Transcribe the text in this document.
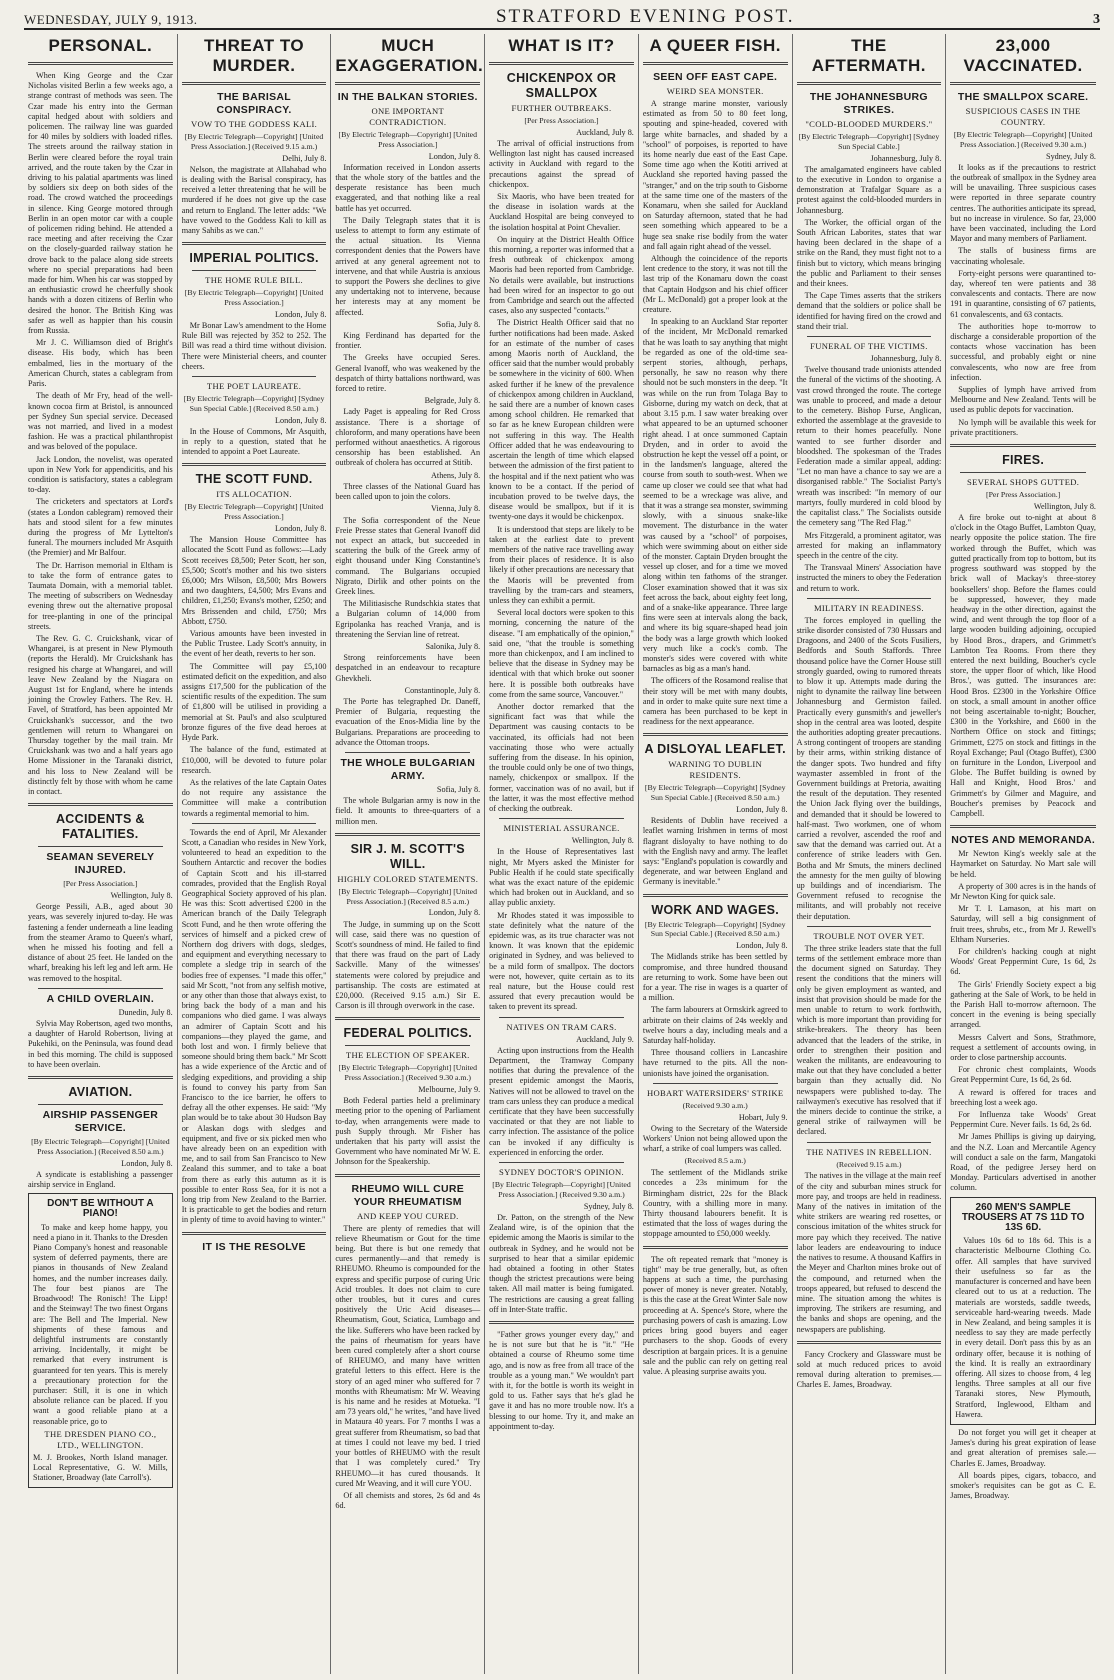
WEDNESDAY, JULY 9, 1913.	STRATFORD EVENING POST.	3
PERSONAL.

When King George and the Czar Nicholas visited Berlin a few weeks ago, a strange contrast of methods was seen. The Czar made his entry into the German capital hedged about with soldiers and policemen. The railway line was guarded for 40 miles by soldiers with loaded rifles. The streets around the railway station in Berlin were cleared before the royal train arrived, and the route taken by the Czar in driving to his palatial apartments was lined by soldiers six deep on both sides of the road. The crowd watched the proceedings in silence. King George motored through Berlin in an open motor car with a couple of policemen riding behind. He attended a race meeting and after receiving the Czar on the closely-guarded railway station he drove back to the palace along side streets where no special preparations had been made for him. When his car was stopped by an enthusiastic crowd he cheerfully shook hands with a dozen citizens of Berlin who desired the honor. The British King was safer as well as happier than his cousin from Russia.

Mr J. C. Williamson died of Bright's disease. His body, which has been embalmed, lies in the mortuary of the American Church, states a cablegram from Paris.

The death of Mr Fry, head of the well-known cocoa firm at Bristol, is announced per Sydney Sun special service. Deceased was not married, and lived in a modest fashion. He was a practical philanthropist and was beloved of the populace.

Jack London, the novelist, was operated upon in New York for appendicitis, and his condition is satisfactory, states a cablegram to-day.

The cricketers and spectators at Lord's (states a London cablegram) removed their hats and stood silent for a few minutes during the progress of Mr Lyttelton's funeral. The mourners included Mr Asquith (the Premier) and Mr Balfour.

The Dr. Harrison memorial in Eltham is to take the form of entrance gates to Taumata Domain, with a memorial tablet. The meeting of subscribers on Wednesday evening threw out the alternative proposal for tree-planting in one of the principal streets.

The Rev. G. C. Cruickshank, vicar of Whangarei, is at present in New Plymouth (reports the Herald). Mr Cruickshank has resigned his charge at Whangarei, and will leave New Zealand by the Niagara on August 1st for England, where he intends joining the Crowley Fathers. The Rev. H. Favel, of Stratford, has been appointed Mr Cruickshank's successor, and the two gentlemen will return to Whangarei on Thursday together by the mail train. Mr Cruickshank was two and a half years ago Home Missioner in the Taranaki district, and his loss to New Zealand will be distinctly felt by those with whom he came in contact.

ACCIDENTS & FATALITIES.
SEAMAN SEVERELY INJURED.
[Per Press Association.]
Wellington, July 8.

George Pessili, A.B., aged about 30 years, was severely injured to-day. He was fastening a fender underneath a line leading from the steamer Aramo to Queen's wharf, when he missed his footing and fell a distance of about 25 feet. He landed on the wharf, breaking his left leg and left arm. He was removed to the hospital.

A CHILD OVERLAIN.
Dunedin, July 8.

Sylvia May Robertson, aged two months, a daughter of Harold Robertson, living at Pukehiki, on the Peninsula, was found dead in bed this morning. The child is supposed to have been overlain.

AVIATION.
AIRSHIP PASSENGER SERVICE.
[By Electric Telegraph—Copyright] [United Press Association.] (Received 8.50 a.m.)
London, July 8.

A syndicate is establishing a passenger airship service in England.

DON'T BE WITHOUT A PIANO!

To make and keep home happy, you need a piano in it. Thanks to the Dresden Piano Company's honest and reasonable system of deferred payments, there are pianos in thousands of New Zealand homes, and the number increases daily. The four best pianos are The Broadwood! The Ronisch! The Lipp! and the Steinway! The two finest Organs are: The Bell and The Imperial. New shipments of these famous and delightful instruments are constantly arriving. Incidentally, it might be remarked that every instrument is guaranteed for ten years. This is merely a precautionary protection for the purchaser: Still, it is one in which absolute reliance can be placed. If you want a good reliable piano at a reasonable price, go to

THE DRESDEN PIANO CO., LTD., WELLINGTON.

M. J. Brookes, North Island manager. Local Representative, G. W. Mills, Stationer, Broadway (late Carroll's).

THREAT TO MURDER.
THE BARISAL CONSPIRACY.
VOW TO THE GODDESS KALI.
[By Electric Telegraph—Copyright] [United Press Association.] (Received 9.15 a.m.)
Delhi, July 8.

Nelson, the magistrate at Allahabad who is dealing with the Barisal conspiracy, has received a letter threatening that he will be murdered if he does not give up the case and return to England. The letter adds: "We have vowed to the Goddess Kali to kill as many Sahibs as we can."

IMPERIAL POLITICS.
THE HOME RULE BILL.
[By Electric Telegraph—Copyright] [United Press Association.]
London, July 8.

Mr Bonar Law's amendment to the Home Rule Bill was rejected by 352 to 252. The Bill was read a third time without division. There were Ministerial cheers, and counter cheers.

THE POET LAUREATE.
[By Electric Telegraph—Copyright] [Sydney Sun Special Cable.] (Received 8.50 a.m.)
London, July 8.

In the House of Commons, Mr Asquith, in reply to a question, stated that he intended to appoint a Poet Laureate.

THE SCOTT FUND.
ITS ALLOCATION.
[By Electric Telegraph—Copyright] [United Press Association.]
London, July 8.

The Mansion House Committee has allocated the Scott Fund as follows:—Lady Scott receives £8,500; Peter Scott, her son, £5,500; Scott's mother and his two sisters £6,000; Mrs Wilson, £8,500; Mrs Bowers and two daughters, £4,500; Mrs Evans and children, £1,250; Evans's mother, £250; and Mrs Brissenden and child, £750; Mrs Abbott, £750.

Various amounts have been invested in the Public Trustee. Lady Scott's annuity, in the event of her death, reverts to her son.

The Committee will pay £5,100 estimated deficit on the expedition, and also assigns £17,500 for the publication of the scientific results of the expedition. The sum of £1,800 will be utilised in providing a memorial at St. Paul's and also sculptured bronze figures of the five dead heroes at Hyde Park.

The balance of the fund, estimated at £10,000, will be devoted to future polar research.

As the relatives of the late Captain Oates do not require any assistance the Committee will make a contribution towards a regimental memorial to him.

Towards the end of April, Mr Alexander Scott, a Canadian who resides in New York, volunteered to head an expedition to the Southern Antarctic and recover the bodies of Captain Scott and his ill-starred comrades, provided that the English Royal Geographical Society approved of his plan. He was this: Scott advertised £200 in the American branch of the Daily Telegraph Scott Fund, and he then wrote offering the services of himself and a picked crew of Northern dog drivers with dogs, sledges, and equipment and everything necessary to complete a sledge trip in search of the bodies free of expenses. "I made this offer," said Mr Scott, "not from any selfish motive, or any other than those that always exist, to bring back the body of a man and his companions who died game. I was always an admirer of Captain Scott and his companions—they played the game, and both lost and won. I firmly believe that someone should bring them back." Mr Scott has a wide experience of the Arctic and of sledging expeditions, and providing a ship is found to convey his party from San Francisco to the ice barrier, he offers to defray all the other expenses. He said: "My plan would be to take about 30 Hudson Bay or Alaskan dogs with sledges and equipment, and five or six picked men who have already been on an expedition with me, and to sail from San Francisco to New Zealand this summer, and to take a boat from there as early this autumn as it is possible to enter Ross Sea, for it is not a long trip from New Zealand to the Barrier. It is practicable to get the bodies and return in plenty of time to avoid having to winter."

IT IS THE RESOLVE
MUCH EXAGGERATION.
IN THE BALKAN STORIES.
ONE IMPORTANT CONTRADICTION.
[By Electric Telegraph—Copyright] [United Press Association.]
London, July 8.

Information received in London asserts that the whole story of the battles and the desperate resistance has been much exaggerated, and that nothing like a real battle has yet occurred.

The Daily Telegraph states that it is useless to attempt to form any estimate of the actual situation. Its Vienna correspondent denies that the Powers have arrived at any general agreement not to intervene, and that while Austria is anxious to support the Powers she declines to give any undertaking not to intervene, because her interests may at any moment be affected.

Sofia, July 8.

King Ferdinand has departed for the frontier.

The Greeks have occupied Seres. General Ivanoff, who was weakened by the despatch of thirty battalions northward, was forced to retire.

Belgrade, July 8.

Lady Paget is appealing for Red Cross assistance. There is a shortage of chloroform, and many operations have been performed without anaesthetics. A rigorous censorship has been established. An outbreak of cholera has occurred at Stitib.

Athens, July 8.

Three classes of the National Guard has been called upon to join the colors.

Vienna, July 8.

The Sofia correspondent of the Neue Freie Presse states that General Ivanoff did not expect an attack, but succeeded in scattering the bulk of the Greek army of eight thousand under King Constantine's command. The Bulgarians occupied Nigrato, Dirlik and other points on the Greek lines.

The Militiasische Rundschkia states that a Bulgarian column of 14,000 from Egripolanka has reached Vranja, and is threatening the Servian line of retreat.

Salonika, July 8.

Strong reinforcements have been despatched in an endeavour to recapture Ghevkheli.

Constantinople, July 8.

The Porte has telegraphed Dr. Daneff, Premier of Bulgaria, requesting the evacuation of the Enos-Midia line by the Bulgarians. Preparations are proceeding to advance the Ottoman troops.

THE WHOLE BULGARIAN ARMY.
Sofia, July 8.

The whole Bulgarian army is now in the field. It amounts to three-quarters of a million men.

SIR J. M. SCOTT'S WILL.
HIGHLY COLORED STATEMENTS.
[By Electric Telegraph—Copyright] [United Press Association.] (Received 8.5 a.m.)
London, July 8.

The Judge, in summing up on the Scott will case, said there was no question of Scott's soundness of mind. He failed to find that there was fraud on the part of Lady Sackville. Many of the witnesses' statements were colored by prejudice and partisanship. The costs are estimated at £20,000. (Received 9.15 a.m.) Sir E. Carson is ill through overwork in the case.

FEDERAL POLITICS.
THE ELECTION OF SPEAKER.
[By Electric Telegraph—Copyright] [United Press Association.] (Received 9.30 a.m.)
Melbourne, July 9.

Both Federal parties held a preliminary meeting prior to the opening of Parliament to-day, when arrangements were made to push Supply through. Mr Fisher has undertaken that his party will assist the Government who have nominated Mr W. E. Johnson for the Speakership.

RHEUMO WILL CURE YOUR RHEUMATISM
AND KEEP YOU CURED.

There are plenty of remedies that will relieve Rheumatism or Gout for the time being. But there is but one remedy that cures permanently—and that remedy is RHEUMO. Rheumo is compounded for the express and specific purpose of curing Uric Acid troubles. It does not claim to cure other troubles, but it cures and cures positively the Uric Acid diseases—Rheumatism, Gout, Sciatica, Lumbago and the like. Sufferers who have been racked by the pains of rheumatism for years have been cured completely after a short course of RHEUMO, and many have written grateful letters to this effect. Here is the story of an aged miner who suffered for 7 months with Rheumatism: Mr W. Weaving is his name and he resides at Motueka. "I am 73 years old," he writes, "and have lived in Mataura 40 years. For 7 months I was a great sufferer from Rheumatism, so bad that at times I could not leave my bed. I tried your bottles of RHEUMO with the result that I was completely cured." Try RHEUMO—it has cured thousands. It cured Mr Weaving, and it will cure YOU.

Of all chemists and stores, 2s 6d and 4s 6d.

WHAT IS IT?
CHICKENPOX OR SMALLPOX
FURTHER OUTBREAKS.
[Per Press Association.]
Auckland, July 8.

The arrival of official instructions from Wellington last night has caused increased activity in Auckland with regard to the precautions against the spread of chickenpox.

Six Maoris, who have been treated for the disease in isolation wards at the Auckland Hospital are being conveyed to the isolation hospital at Point Chevalier.

On inquiry at the District Health Office this morning, a reporter was informed that a fresh outbreak of chickenpox among Maoris had been reported from Cambridge. No details were available, but instructions had been wired for an inspector to go out from Cambridge and search out the affected cases, also any suspected "contacts."

The District Health Officer said that no further notifications had been made. Asked for an estimate of the number of cases among Maoris north of Auckland, the officer said that the number would probably be somewhere in the vicinity of 600. When asked further if he knew of the prevalence of chickenpox among children in Auckland, he said there are a number of known cases among school children. He remarked that so far as he knew European children were not suffering in this way. The Health Officer added that he was endeavouring to ascertain the length of time which elapsed between the admission of the first patient to the hospital and if the next patient who was known to be a contact. If the period of incubation proved to be twelve days, the disease would be smallpox, but if it is twenty-one days it would be chickenpox.

It is understood that steps are likely to be taken at the earliest date to prevent members of the native race travelling away from their places of residence. It is also likely if other precautions are necessary that the Maoris will be prevented from travelling by the tram-cars and steamers, unless they can exhibit a permit.

Several local doctors were spoken to this morning, concerning the nature of the disease. "I am emphatically of the opinion," said one, "that the trouble is something more than chickenpox, and I am inclined to believe that the disease in Sydney may be identical with that which broke out sooner here. It is possible both outbreaks have come from the same source, Vancouver."

Another doctor remarked that the significant fact was that while the Department was causing contacts to be vaccinated, its officials had not been vaccinating those who were actually suffering from the disease. In his opinion, the trouble could only be one of two things, namely, chickenpox or smallpox. If the former, vaccination was of no avail, but if the latter, it was the most effective method of checking the outbreak.

MINISTERIAL ASSURANCE.
Wellington, July 8.

In the House of Representatives last night, Mr Myers asked the Minister for Public Health if he could state specifically what was the exact nature of the epidemic which had broken out in Auckland, and so allay public anxiety.

Mr Rhodes stated it was impossible to state definitely what the nature of the epidemic was, as its true character was not known. It was known that the epidemic originated in Sydney, and was believed to be a mild form of smallpox. The doctors were not, however, quite certain as to its real nature, but the House could rest assured that every precaution would be taken to prevent its spread.

NATIVES ON TRAM CARS.
Auckland, July 9.

Acting upon instructions from the Health Department, the Tramway Company notifies that during the prevalence of the present epidemic amongst the Maoris, Natives will not be allowed to travel on the tram cars unless they can produce a medical certificate that they have been successfully vaccinated or that they are not liable to carry infection. The assistance of the police can be invoked if any difficulty is experienced in enforcing the order.

SYDNEY DOCTOR'S OPINION.
[By Electric Telegraph—Copyright] [United Press Association.] (Received 9.30 a.m.)
Sydney, July 8.

Dr. Patton, on the strength of the New Zealand wire, is of the opinion that the epidemic among the Maoris is similar to the outbreak in Sydney, and he would not be surprised to hear that a similar epidemic had obtained a footing in other States though the strictest precautions were being taken. All mail matter is being fumigated. The restrictions are causing a great falling off in Inter-State traffic.

"Father grows younger every day," and he is not sure but that he is "it." "He obtained a course of Rheumo some time ago, and is now as free from all trace of the trouble as a young man." We wouldn't part with it, for the bottle is worth its weight in gold to us. Father says that he's glad he gave it and has no more trouble now. It's a blessing to our home. Try it, and make an appointment to-day.

A QUEER FISH.
SEEN OFF EAST CAPE.
WEIRD SEA MONSTER.

A strange marine monster, variously estimated as from 50 to 80 feet long, spouting and spine-headed, covered with large white barnacles, and shaded by a "school" of porpoises, is reported to have its home nearly due east of the East Cape. Some time ago when the Kotiti arrived at Auckland she reported having passed the "stranger," and on the trip south to Gisborne at the same time one of the masters of the Konamaru, when she sailed for Auckland on Saturday afternoon, stated that he had seen something which appeared to be a huge sea snake rise bodily from the water and fall again right ahead of the vessel.

Although the coincidence of the reports lent credence to the story, it was not till the last trip of the Konamaru down the coast that Captain Hodgson and his chief officer (Mr L. McDonald) got a proper look at the creature.

In speaking to an Auckland Star reporter of the incident, Mr McDonald remarked that he was loath to say anything that might be regarded as one of the old-time sea-serpent stories, although, perhaps, personally, he saw no reason why there should not be such monsters in the deep. "It was while on the run from Tolaga Bay to Gisborne, during my watch on deck, that at about 3.15 p.m. I saw water breaking over what appeared to be an upturned schooner right ahead. I at once summoned Captain Dryden, and in order to avoid the obstruction he kept the vessel off a point, or in the landsmen's language, altered the course from south to south-west. When we came up closer we could see that what had seemed to be a wreckage was alive, and that it was a strange sea monster, swimming slowly, with a sinuous snake-like movement. The disturbance in the water was caused by a "school" of porpoises, which were swimming about on either side of the monster. Captain Dryden brought the vessel up closer, and for a time we moved along within ten fathoms of the stranger. Closer examination showed that it was six feet across the back, about eighty feet long, and of a snake-like appearance. Three large fins were seen at intervals along the back, and where its big square-shaped head join the body was a large growth which looked very much like a cock's comb. The monster's sides were covered with white barnacles as big as a man's hand.

The officers of the Rosamond realise that their story will be met with many doubts, and in order to make quite sure next time a camera has been purchased to be kept in readiness for the next appearance.

A DISLOYAL LEAFLET.
WARNING TO DUBLIN RESIDENTS.
[By Electric Telegraph—Copyright] [Sydney Sun Special Cable.] (Received 8.50 a.m.)
London, July 8.

Residents of Dublin have received a leaflet warning Irishmen in terms of most flagrant disloyalty to have nothing to do with the English navy and army. The leaflet says: "England's population is cowardly and degenerate, and war between England and Germany is inevitable."

WORK AND WAGES.
[By Electric Telegraph—Copyright] [Sydney Sun Special Cable.] (Received 8.50 a.m.)
London, July 8.

The Midlands strike has been settled by compromise, and three hundred thousand are returning to work. Some have been out for a year. The rise in wages is a quarter of a million.

The farm labourers at Ormskirk agreed to arbitrate on their claims of 24s weekly and twelve hours a day, including meals and a Saturday half-holiday.

Three thousand colliers in Lancashire have returned to the pits. All the non-unionists have joined the organisation.

HOBART WATERSIDERS' STRIKE
(Received 9.30 a.m.)
Hobart, July 9.

Owing to the Secretary of the Waterside Workers' Union not being allowed upon the wharf, a strike of coal lumpers was called.

(Received 8.5 a.m.)

The settlement of the Midlands strike concedes a 23s minimum for the Birmingham district, 22s for the Black Country, with a shilling more in many. Thirty thousand labourers benefit. It is estimated that the loss of wages during the stoppage amounted to £50,000 weekly.

The oft repeated remark that "money is tight" may be true generally, but, as often happens at such a time, the purchasing power of money is never greater. Notably, is this the case at the Great Winter Sale now proceeding at A. Spence's Store, where the purchasing powers of cash is amazing. Low prices bring good buyers and eager purchasers to the shop. Goods of every description at bargain prices. It is a genuine sale and the public can rely on getting real value. A pleasing surprise awaits you.

THE AFTERMATH.
THE JOHANNESBURG STRIKES.
"COLD-BLOODED MURDERS."
[By Electric Telegraph—Copyright] [Sydney Sun Special Cable.]
Johannesburg, July 8.

The amalgamated engineers have cabled to the executive in London to organise a demonstration at Trafalgar Square as a protest against the cold-blooded murders in Johannesburg.

The Worker, the official organ of the South African Laborites, states that war having been declared in the shape of a strike on the Rand, they must fight not to a finish but to victory, which means bringing the public and Parliament to their senses and their knees.

The Cape Times asserts that the strikers demand that the soldiers or police shall be identified for having fired on the crowd and stand their trial.

FUNERAL OF THE VICTIMS.
Johannesburg, July 8.

Twelve thousand trade unionists attended the funeral of the victims of the shooting. A vast crowd thronged the route. The cortege was unable to proceed, and made a detour to the cemetery. Bishop Furse, Anglican, exhorted the assemblage at the graveside to return to their homes peacefully. None wanted to see further disorder and bloodshed. The spokesman of the Trades Federation made a similar appeal, adding: "Let no man have a chance to say we are a disorganised rabble." The Socialist Party's wreath was inscribed: "In memory of our martyrs, foully murdered in cold blood by the capitalist class." The Socialists outside the cemetery sang "The Red Flag."

Mrs Fitzgerald, a prominent agitator, was arrested for making an inflammatory speech in the centre of the city.

The Transvaal Miners' Association have instructed the miners to obey the Federation and return to work.

MILITARY IN READINESS.

The forces employed in quelling the strike disorder consisted of 730 Hussars and Dragoons, and 2400 of the Scots Fusiliers, Bedfords and South Staffords. Three thousand police have the Corner House still strongly guarded, owing to rumored threats to blow it up. Attempts made during the night to dynamite the railway line between Johannesburg and Germiston failed. Practically every gunsmith's and jeweller's shop in the central area was looted, despite the authorities adopting greater precautions. A strong contingent of troopers are standing by their arms, within striking distance of the danger spots. Two hundred and fifty waymaster assembled in front of the Government buildings at Pretoria, awaiting the result of the deputation. They resented the Union Jack flying over the buildings, and demanded that it should be lowered to half-mast. Two workmen, one of whom carried a revolver, ascended the roof and saw that the demand was carried out. At a conference of strike leaders with Gen. Botha and Mr Smuts, the miners declined the amnesty for the men guilty of blowing up buildings and of incendiarism. The Government refused to recognise the militants, and will probably not receive their deputation.

TROUBLE NOT OVER YET.

The three strike leaders state that the full terms of the settlement embrace more than the document signed on Saturday. They resent the conditions that the miners will only be given employment as wanted, and insist that provision should be made for the men unable to return to work forthwith, which is more important than providing for strike-breakers. The theory has been advanced that the leaders of the strike, in order to strengthen their position and weaken the militants, are endeavouring to make out that they have concluded a better bargain than they actually did. No newspapers were published to-day. The railwaymen's executive has resolved that if the miners decide to continue the strike, a general strike of railwaymen will be declared.

THE NATIVES IN REBELLION.
(Received 9.15 a.m.)

The natives in the village at the main reef of the city and suburban mines struck for more pay, and troops are held in readiness. Many of the natives in imitation of the white strikers are wearing red rosettes, or conscious imitation of the whites struck for more pay which they received. The native labor leaders are endeavouring to induce the natives to resume. A thousand Kaffirs in the Meyer and Charlton mines broke out of the compound, and returned when the troops appeared, but refused to descend the mine. The situation among the whites is improving. The strikers are resuming, and the banks and shops are opening, and the newspapers are publishing.

Fancy Crockery and Glassware must be sold at much reduced prices to avoid removal during alteration to premises.—Charles E. James, Broadway.

23,000 VACCINATED.
THE SMALLPOX SCARE.
SUSPICIOUS CASES IN THE COUNTRY.
[By Electric Telegraph—Copyright] [United Press Association.] (Received 9.30 a.m.)
Sydney, July 8.

It looks as if the precautions to restrict the outbreak of smallpox in the Sydney area will be unavailing. Three suspicious cases were reported in three separate country centres. The authorities anticipate its spread, but no increase in virulence. So far, 23,000 have been vaccinated, including the Lord Mayor and many members of Parliament.

The stalls of business firms are vaccinating wholesale.

Forty-eight persons were quarantined to-day, whereof ten were patients and 38 convalescents and contacts. There are now 191 in quarantine, consisting of 67 patients, 61 convalescents, and 63 contacts.

The authorities hope to-morrow to discharge a considerable proportion of the contacts whose vaccination has been successful, and probably eight or nine convalescents, who now are free from infection.

Supplies of lymph have arrived from Melbourne and New Zealand. Tents will be used as public depots for vaccination.

No lymph will be available this week for private practitioners.

FIRES.
SEVERAL SHOPS GUTTED.
[Per Press Association.]
Wellington, July 8.

A fire broke out to-night at about 8 o'clock in the Otago Buffet, Lambton Quay, nearly opposite the police station. The fire worked through the Buffet, which was gutted practically from top to bottom, but its progress southward was stopped by the brick wall of Mackay's three-storey booksellers' shop. Before the flames could be suppressed, however, they made headway in the other direction, against the wind, and went through the top floor of a large wooden building adjoining, occupied by Hood Bros., drapers, and Grimmett's Lambton Tea Rooms. From there they entered the next building, Boucher's cycle store, the upper floor of which, like Hood Bros.', was gutted. The insurances are: Hood Bros. £2300 in the Yorkshire Office on stock, a small amount in another office not being ascertainable to-night; Boucher, £300 in the Yorkshire, and £600 in the Northern Office on stock and fittings; Grimmett, £275 on stock and fittings in the Royal Exchange; Paul (Otago Buffet), £300 on furniture in the London, Liverpool and Globe. The Buffet building is owned by Hall and Knight, Hood Bros.' and Grimmett's by Gilmer and Maguire, and Boucher's premises by Peacock and Campbell.

NOTES AND MEMORANDA.

Mr Newton King's weekly sale at the Haymarket on Saturday. No Mart sale will be held.

A property of 300 acres is in the hands of Mr Newton King for quick sale.

Mr T. I. Lamason, at his mart on Saturday, will sell a big consignment of fruit trees, shrubs, etc., from Mr J. Rewell's Eltham Nurseries.

For children's hacking cough at night Woods' Great Peppermint Cure, 1s 6d, 2s 6d.

The Girls' Friendly Society expect a big gathering at the Sale of Work, to be held in the Parish Hall to-morrow afternoon. The concert in the evening is being specially arranged.

Messrs Calvert and Sons, Strathmore, request a settlement of accounts owing, in order to close partnership accounts.

For chronic chest complaints, Woods Great Peppermint Cure, 1s 6d, 2s 6d.

A reward is offered for traces and breeching lost a week ago.

For Influenza take Woods' Great Peppermint Cure. Never fails. 1s 6d, 2s 6d.

Mr James Phillips is giving up dairying, and the N.Z. Loan and Mercantile Agency will conduct a sale on the farm, Mangatoki Road, of the pedigree Jersey herd on Monday. Particulars advertised in another column.

260 MEN'S SAMPLE TROUSERS AT 7S 11D TO 13S 6D.

Values 10s 6d to 18s 6d. This is a characteristic Melbourne Clothing Co. offer. All samples that have survived their usefulness so far as the manufacturer is concerned and have been cleared out to us at a reduction. The materials are worsteds, saddle tweeds, serviceable hard-wearing tweeds. Made in New Zealand, and being samples it is needless to say they are made perfectly in every detail. Don't pass this by as an ordinary offer, because it is nothing of the kind. It is really an extraordinary offering. All sizes to choose from, 4 leg lengths. Three samples at all our five Taranaki stores, New Plymouth, Stratford, Inglewood, Eltham and Hawera.

Do not forget you will get it cheaper at James's during his great expiration of lease and great alteration of premises sale.—Charles E. James, Broadway.

All boards pipes, cigars, tobacco, and smoker's requisites can be got as C. E. James, Broadway.
